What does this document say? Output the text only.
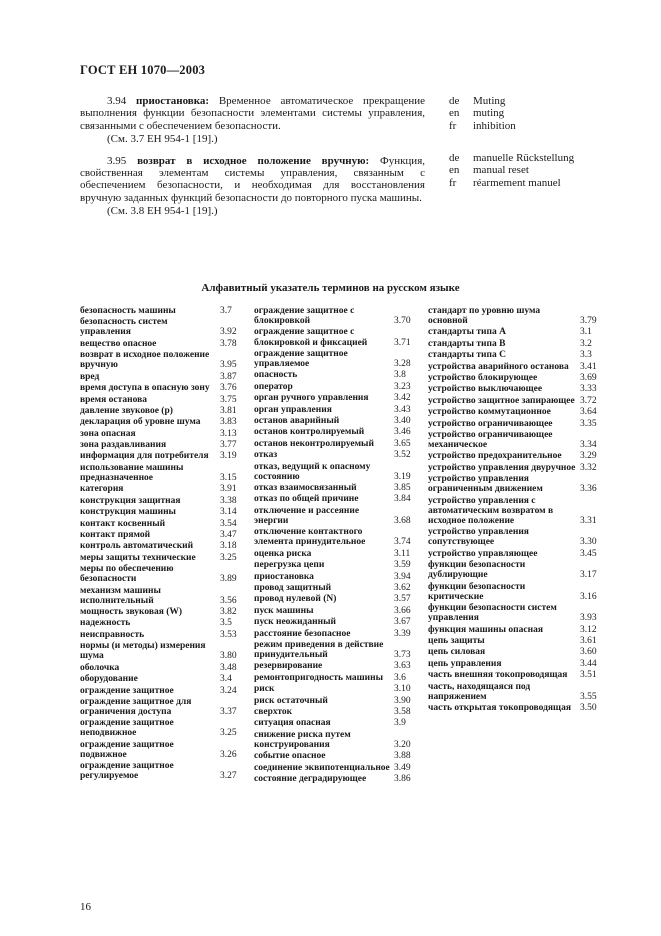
ГОСТ ЕН 1070—2003

3.94 приостановка: Временное автоматическое прекращение выполнения функции безопасности элементами системы управления, связанными с обеспечением безопасности.

(См. 3.7 ЕН 954-1 [19].)

3.95 возврат в исходное положение вручную: Функция, свойственная элементам системы управления, связанным с обеспечением безопасности, и необходимая для восстановления вручную заданных функций безопасности до повторного пуска машины.

(См. 3.8 ЕН 954-1 [19].)

de	Muting
en	muting
fr	inhibition
de	manuelle Rückstellung
en	manual reset
fr	réarmement manuel
Алфавитный указатель терминов на русском языке
безопасность машины	3.7
безопасность систем управления	3.92
вещество опасное	3.78
возврат в исходное положение вручную	3.95
вред	3.87
время доступа в опасную зону	3.76
время останова	3.75
давление звуковое (p)	3.81
декларация об уровне шума	3.83
зона опасная	3.13
зона раздавливания	3.77
информация для потребителя	3.19
использование машины предназначенное	3.15
категория	3.91
конструкция защитная	3.38
конструкция машины	3.14
контакт косвенный	3.54
контакт прямой	3.47
контроль автоматический	3.18
меры защиты технические	3.25
меры по обеспечению безопасности	3.89
механизм машины исполнительный	3.56
мощность звуковая (W)	3.82
надежность	3.5
неисправность	3.53
нормы (и методы) измерения шума	3.80
оболочка	3.48
оборудование	3.4
ограждение защитное	3.24
ограждение защитное для ограничения доступа	3.37
ограждение защитное неподвижное	3.25
ограждение защитное подвижное	3.26
ограждение защитное регулируемое	3.27
ограждение защитное с блокировкой	3.70
ограждение защитное с блокировкой и фиксацией	3.71
ограждение защитное управляемое	3.28
опасность	3.8
оператор	3.23
орган ручного управления	3.42
орган управления	3.43
останов аварийный	3.40
останов контролируемый	3.46
останов неконтролируемый	3.65
отказ	3.52
отказ, ведущий к опасному состоянию	3.19
отказ взаимосвязанный	3.85
отказ по общей причине	3.84
отключение и рассеяние энергии	3.68
отключение контактного элемента принудительное	3.74
оценка риска	3.11
перегрузка цепи	3.59
приостановка	3.94
провод защитный	3.62
провод нулевой (N)	3.57
пуск машины	3.66
пуск неожиданный	3.67
расстояние безопасное	3.39
режим приведения в действие принудительный	3.73
резервирование	3.63
ремонтопригодность машины	3.6
риск	3.10
риск остаточный	3.90
сверхток	3.58
ситуация опасная	3.9
снижение риска путем конструирования	3.20
событие опасное	3.88
соединение эквипотенциальное 3.49
состояние деградирующее	3.86
стандарт по уровню шума основной	3.79
стандарты типа А	3.1
стандарты типа В	3.2
стандарты типа С	3.3
устройства аварийного останова	3.41
устройство блокирующее	3.69
устройство выключающее	3.33
устройство защитное запирающее 3.72
устройство коммутационное	3.64
устройство ограничивающее	3.35
устройство ограничивающее механическое	3.34
устройство предохранительное	3.29
устройство управления двуручное 3.32
устройство управления ограниченным движением	3.36
устройство управления с автоматическим возвратом в исходное положение	3.31
устройство управления сопутствующее	3.30
устройство управляющее	3.45
функции безопасности дублирующие	3.17
функции безопасности критические	3.16
функции безопасности систем управления	3.93
функция машины опасная	3.12
цепь защиты	3.61
цепь силовая	3.60
цепь управления	3.44
часть внешняя токопроводящая	3.51
часть, находящаяся под напряжением	3.55
часть открытая токопроводящая 3.50
16
